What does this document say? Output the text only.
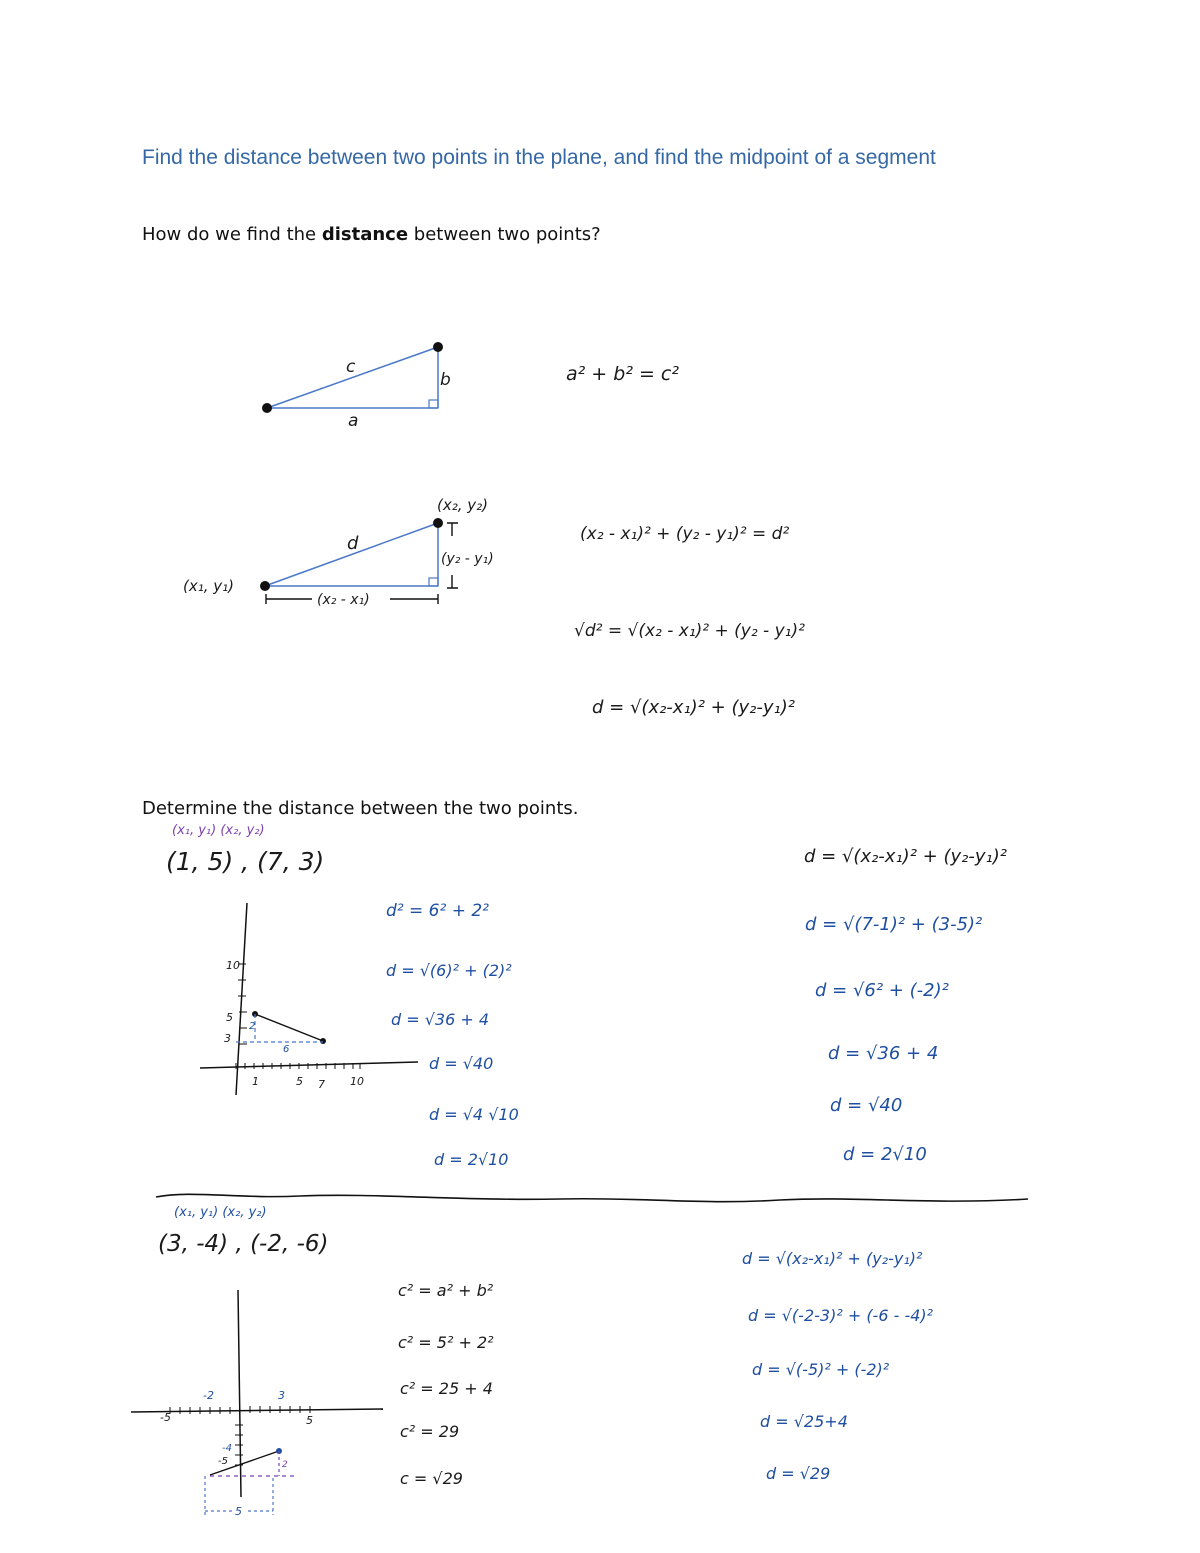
Find the distance between two points in the plane, and find the midpoint of a segment
How do we find the distance between two points?
Determine the distance between the two points.
c
b
a
a² + b² = c²
(x₁, y₁)
(x₂, y₂)
d
(y₂ - y₁)
(x₂ - x₁)
(x₂ - x₁)² + (y₂ - y₁)² = d²
√d² = √(x₂ - x₁)² + (y₂ - y₁)²
d = √(x₂-x₁)² + (y₂-y₁)²
(x₁, y₁) (x₂, y₂)
(1, 5) , (7, 3)
10
5
3
1	5 7 10
2
6
d² = 6² + 2²
d = √(6)² + (2)²
d = √36 + 4
d = √40
d = √4 √10
d = 2√10
d = √(x₂-x₁)² + (y₂-y₁)²
d = √(7-1)² + (3-5)²
d = √6² + (-2)²
d = √36 + 4
d = √40
d = 2√10
(x₁, y₁) (x₂, y₂)
(3, -4) , (-2, -6)
-5
-2	3
5
-4
-5	2
5
c² = a² + b²
c² = 5² + 2²
c² = 25 + 4
c² = 29
c = √29
d = √(x₂-x₁)² + (y₂-y₁)²
d = √(-2-3)² + (-6 - -4)²
d = √(-5)² + (-2)²
d = √25+4
d = √29
